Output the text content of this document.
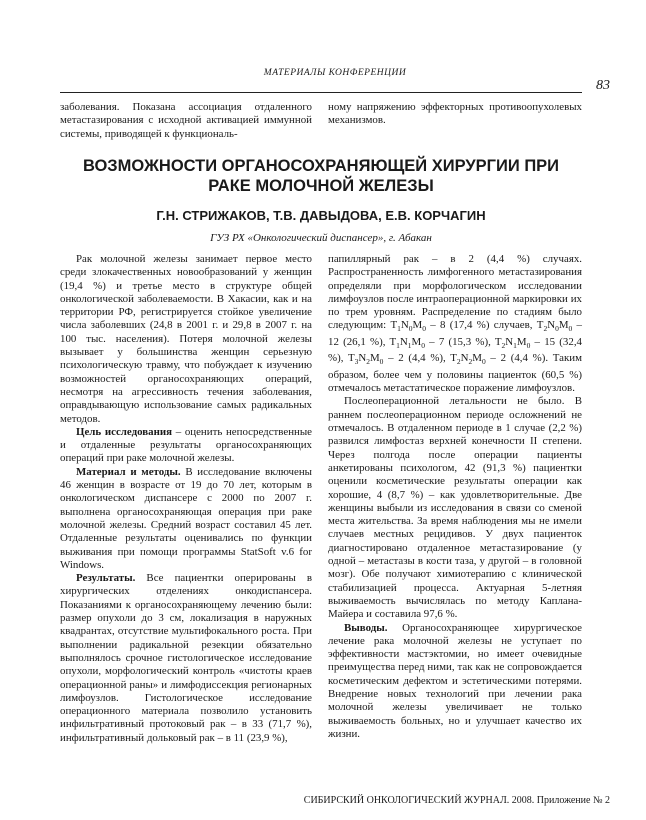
МАТЕРИАЛЫ КОНФЕРЕНЦИИ
83

заболевания. Показана ассоциация отдаленного метастазирования с исходной активацией иммунной системы, приводящей к функциональ-

ному напряжению эффекторных противоопухолевых механизмов.

ВОЗМОЖНОСТИ ОРГАНОСОХРАНЯЮЩЕЙ ХИРУРГИИ ПРИ РАКЕ МОЛОЧНОЙ ЖЕЛЕЗЫ
Г.Н. СТРИЖАКОВ, Т.В. ДАВЫДОВА, Е.В. КОРЧАГИН
ГУЗ РХ «Онкологический диспансер», г. Абакан

Рак молочной железы занимает первое место среди злокачественных новообразований у женщин (19,4 %) и третье место в структуре общей онкологической заболеваемости. В Хакасии, как и на территории РФ, регистрируется стойкое увеличение числа заболевших (24,8 в 2001 г. и 29,8 в 2007 г. на 100 тыс. населения). Потеря молочной железы вызывает у большинства женщин серьезную психологическую травму, что побуждает к изучению возможностей органосохраняющих операций, несмотря на агрессивность течения заболевания, оправдывающую использование самых радикальных методов.

Цель исследования – оценить непосредственные и отдаленные результаты органосохраняющих операций при раке молочной железы.

Материал и методы. В исследование включены 46 женщин в возрасте от 19 до 70 лет, которым в онкологическом диспансере с 2000 по 2007 г. выполнена органосохраняющая операция при раке молочной железы. Средний возраст составил 45 лет. Отдаленные результаты оценивались по функции выживания при помощи программы StatSoft v.6 for Windows.

Результаты. Все пациентки оперированы в хирургических отделениях онкодиспансера. Показаниями к органосохраняющему лечению были: размер опухоли до 3 см, локализация в наружных квадрантах, отсутствие мультифокального роста. При выполнении радикальной резекции обязательно выполнялось срочное гистологическое исследование опухоли, морфологический контроль «чистоты краев операционной раны» и лимфодиссекция регионарных лимфоузлов. Гистологическое исследование операционного материала позволило установить инфильтративный протоковый рак – в 33 (71,7 %), инфильтративный дольковый рак – в 11 (23,9 %),

папиллярный рак – в 2 (4,4 %) случаях. Распространенность лимфогенного метастазирования определяли при морфологическом исследовании лимфоузлов после интраоперационной маркировки их по трем уровням. Распределение по стадиям было следующим: $T_1N_0M_0 - 8$ (17,4 %) случаев, $T_2N_0M_0 - 12$ (26,1 %), $T_1N_1M_0 - 7$ (15,3 %), $T_2N_1M_0 - 15$ (32,4 %), $T_3N_2M_0 - 2$ (4,4 %), $T_2N_2M_0 - 2$ (4,4 %). Таким образом, более чем у половины пациенток (60,5 %) отмечалось метастатическое поражение лимфоузлов.

Послеоперационной летальности не было. В раннем послеоперационном периоде осложнений не отмечалось. В отдаленном периоде в 1 случае (2,2 %) развился лимфостаз верхней конечности II степени. Через полгода после операции пациенты анкетированы психологом, 42 (91,3 %) пациентки оценили косметические результаты операции как хорошие, 4 (8,7 %) – как удовлетворительные. Две женщины выбыли из исследования в связи со сменой места жительства. За время наблюдения мы не имели случаев местных рецидивов. У двух пациенток диагностировано отдаленное метастазирование (у одной – метастазы в кости таза, у другой – в головной мозг). Обе получают химиотерапию с клинической стабилизацией процесса. Актуарная 5-летняя выживаемость вычислялась по методу Каплана-Майера и составила 97,6 %.

Выводы. Органосохраняющее хирургическое лечение рака молочной железы не уступает по эффективности мастэктомии, но имеет очевидные преимущества перед ними, так как не сопровождается косметическим дефектом и эстетическими потерями. Внедрение новых технологий при лечении рака молочной железы увеличивает не только выживаемость больных, но и улучшает качество их жизни.

СИБИРСКИЙ ОНКОЛОГИЧЕСКИЙ ЖУРНАЛ. 2008. Приложение № 2
